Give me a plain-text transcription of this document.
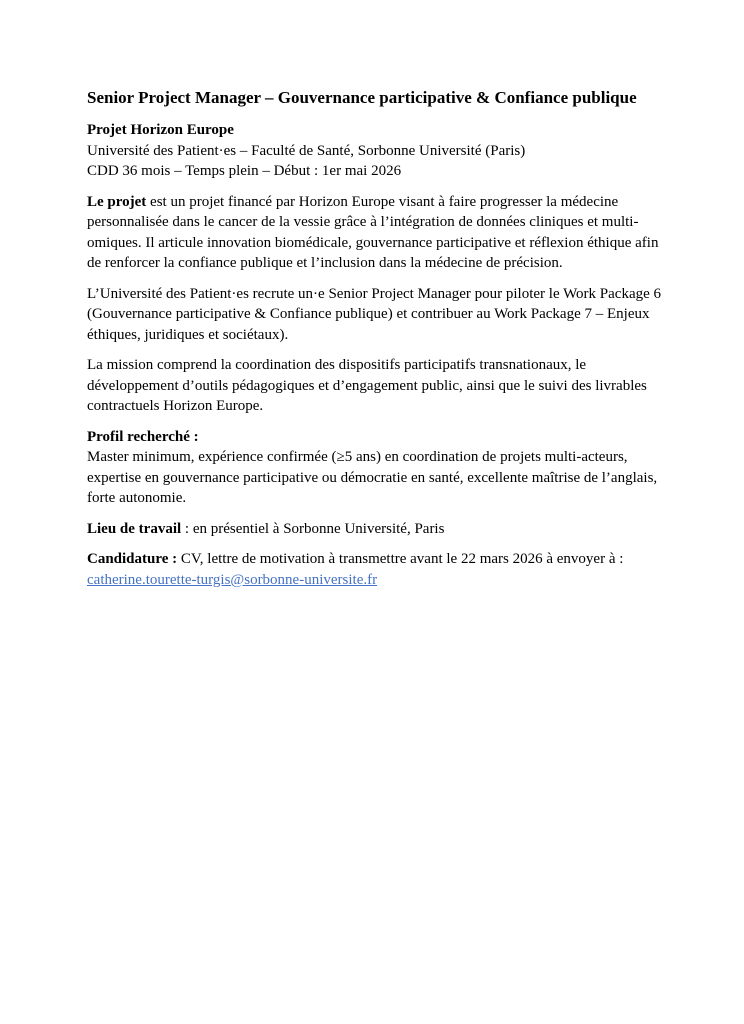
Senior Project Manager – Gouvernance participative & Confiance publique
Projet Horizon Europe
Université des Patient·es – Faculté de Santé, Sorbonne Université (Paris)
CDD 36 mois – Temps plein – Début : 1er mai 2026

Le projet est un projet financé par Horizon Europe visant à faire progresser la médecine personnalisée dans le cancer de la vessie grâce à l’intégration de données cliniques et multi-omiques. Il articule innovation biomédicale, gouvernance participative et réflexion éthique afin de renforcer la confiance publique et l’inclusion dans la médecine de précision.

L’Université des Patient·es recrute un·e Senior Project Manager pour piloter le Work Package 6 (Gouvernance participative & Confiance publique) et contribuer au Work Package 7 – Enjeux éthiques, juridiques et sociétaux).

La mission comprend la coordination des dispositifs participatifs transnationaux, le développement d’outils pédagogiques et d’engagement public, ainsi que le suivi des livrables contractuels Horizon Europe.

Profil recherché :
Master minimum, expérience confirmée (≥5 ans) en coordination de projets multi-acteurs, expertise en gouvernance participative ou démocratie en santé, excellente maîtrise de l’anglais, forte autonomie.

Lieu de travail : en présentiel à Sorbonne Université, Paris

Candidature : CV, lettre de motivation à transmettre avant le 22 mars 2026 à envoyer à : catherine.tourette-turgis@sorbonne-universite.fr
